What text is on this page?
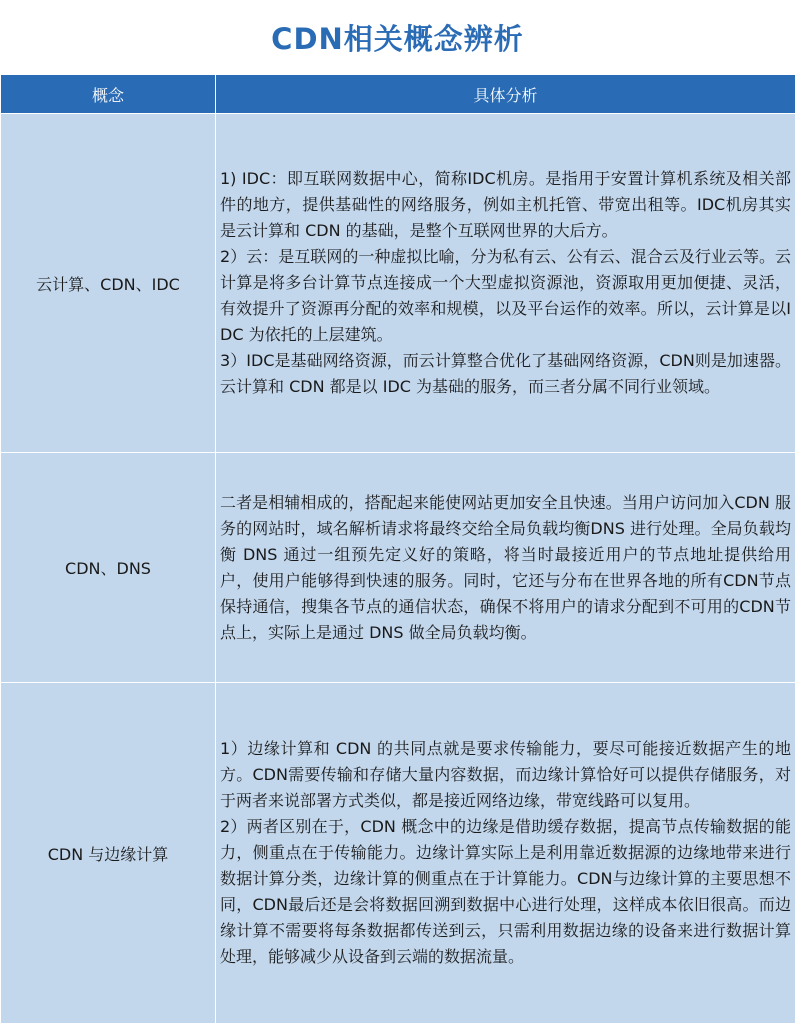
CDN相关概念辨析
概念	具体分析
云计算、CDN、IDC	1) IDC：即互联网数据中心，简称IDC机房。是指用于安置计算机系统及相关部件的地方，提供基础性的网络服务，例如主机托管、带宽出租等。IDC机房其实是云计算和 CDN 的基础，是整个互联网世界的大后方。
2）云：是互联网的一种虚拟比喻，分为私有云、公有云、混合云及行业云等。云计算是将多台计算节点连接成一个大型虚拟资源池，资源取用更加便捷、灵活，有效提升了资源再分配的效率和规模，以及平台运作的效率。所以，云计算是以IDC 为依托的上层建筑。
3）IDC是基础网络资源，而云计算整合优化了基础网络资源，CDN则是加速器。云计算和 CDN 都是以 IDC 为基础的服务，而三者分属不同行业领域。

CDN、DNS	二者是相辅相成的，搭配起来能使网站更加安全且快速。当用户访问加入CDN 服务的网站时，域名解析请求将最终交给全局负载均衡DNS 进行处理。全局负载均衡 DNS 通过一组预先定义好的策略，将当时最接近用户的节点地址提供给用户，使用户能够得到快速的服务。同时，它还与分布在世界各地的所有CDN节点保持通信，搜集各节点的通信状态，确保不将用户的请求分配到不可用的CDN节点上，实际上是通过 DNS 做全局负载均衡。

CDN 与边缘计算	1）边缘计算和 CDN 的共同点就是要求传输能力，要尽可能接近数据产生的地方。CDN需要传输和存储大量内容数据，而边缘计算恰好可以提供存储服务，对于两者来说部署方式类似，都是接近网络边缘，带宽线路可以复用。
2）两者区别在于，CDN 概念中的边缘是借助缓存数据，提高节点传输数据的能力，侧重点在于传输能力。边缘计算实际上是利用靠近数据源的边缘地带来进行数据计算分类，边缘计算的侧重点在于计算能力。CDN与边缘计算的主要思想不同，CDN最后还是会将数据回溯到数据中心进行处理，这样成本依旧很高。而边缘计算不需要将每条数据都传送到云，只需利用数据边缘的设备来进行数据计算处理，能够减少从设备到云端的数据流量。
